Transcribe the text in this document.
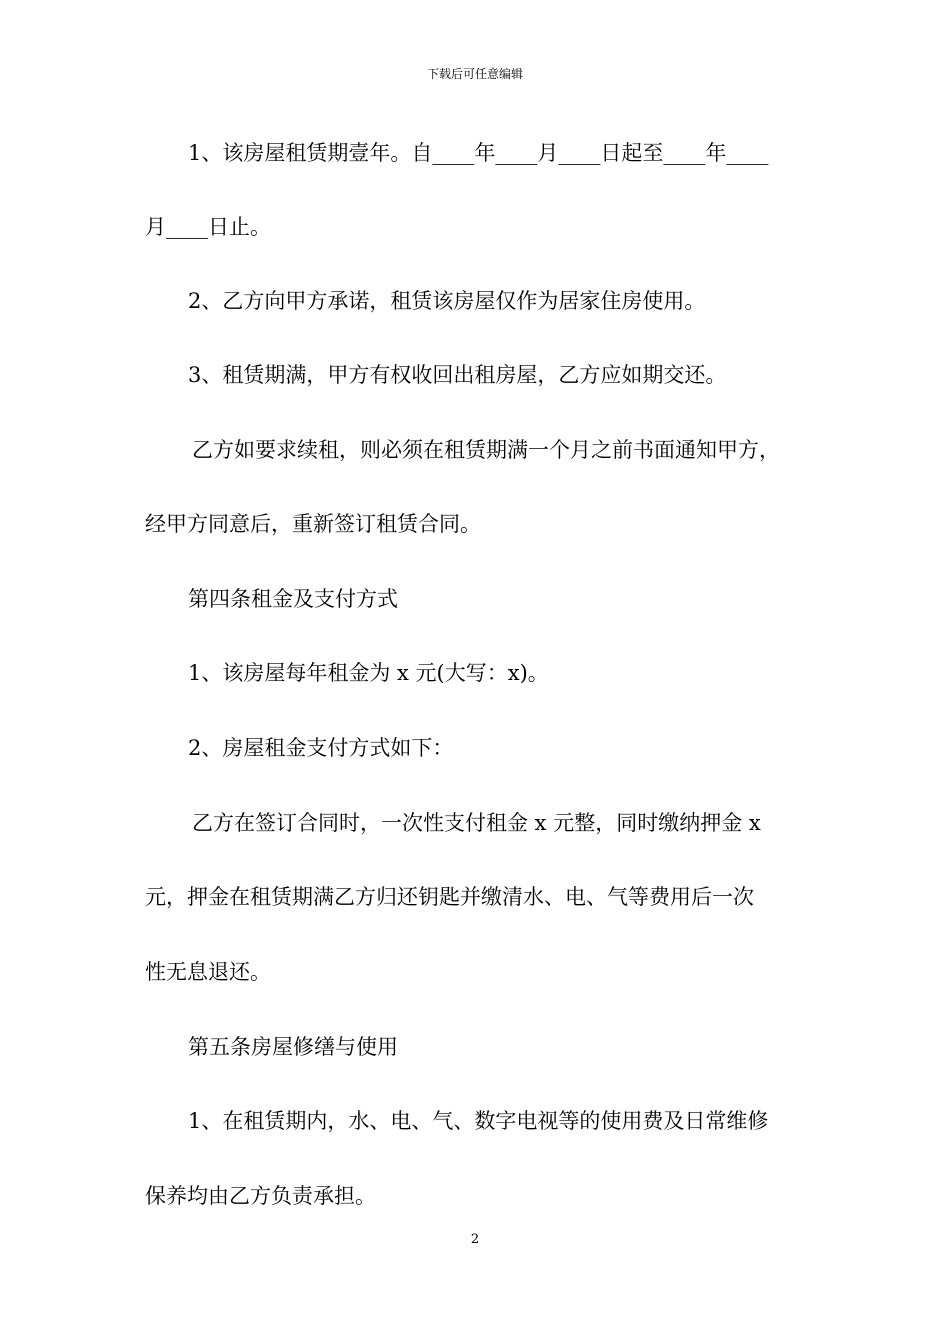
下载后可任意编辑
1、该房屋租赁期壹年。自____年____月____日起至____年____
月____日止。
2、乙方向甲方承诺，租赁该房屋仅作为居家住房使用。
3、租赁期满，甲方有权收回出租房屋，乙方应如期交还。
乙方如要求续租，则必须在租赁期满一个月之前书面通知甲方，
经甲方同意后，重新签订租赁合同。
第四条租金及支付方式
1、该房屋每年租金为 x 元(大写：x)。
2、房屋租金支付方式如下：
乙方在签订合同时，一次性支付租金 x 元整，同时缴纳押金 x
元，押金在租赁期满乙方归还钥匙并缴清水、电、气等费用后一次
性无息退还。
第五条房屋修缮与使用
1、在租赁期内，水、电、气、数字电视等的使用费及日常维修
保养均由乙方负责承担。
2
